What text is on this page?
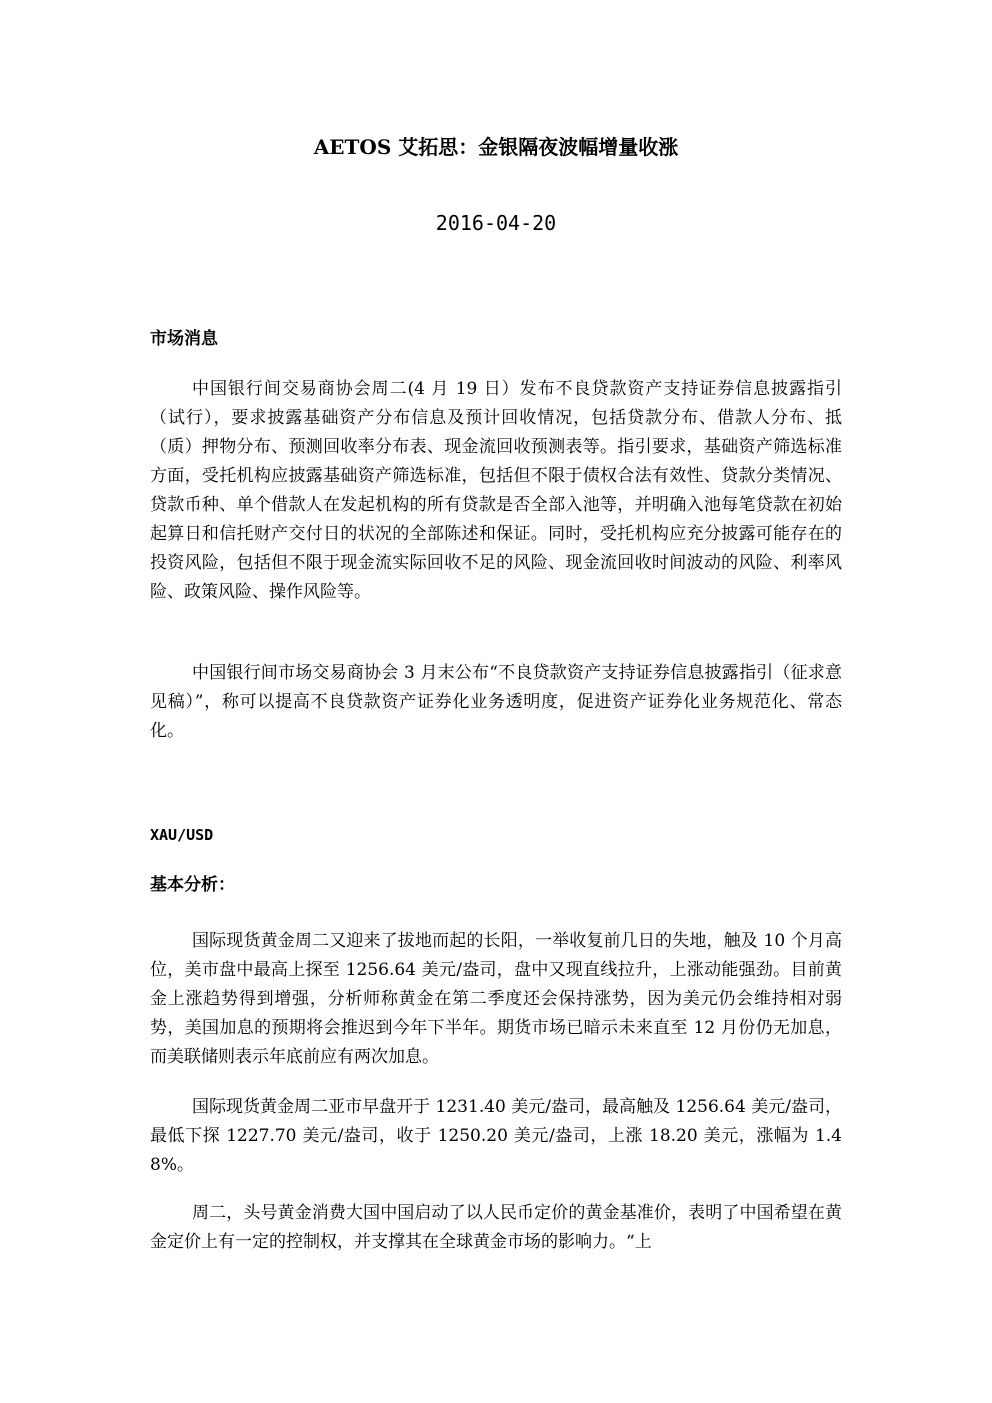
AETOS 艾拓思：金银隔夜波幅增量收涨
2016-04-20
市场消息

中国银行间交易商协会周二(4 月 19 日）发布不良贷款资产支持证券信息披露指引（试行），要求披露基础资产分布信息及预计回收情况，包括贷款分布、借款人分布、抵（质）押物分布、预测回收率分布表、现金流回收预测表等。指引要求，基础资产筛选标准方面，受托机构应披露基础资产筛选标准，包括但不限于债权合法有效性、贷款分类情况、贷款币种、单个借款人在发起机构的所有贷款是否全部入池等，并明确入池每笔贷款在初始起算日和信托财产交付日的状况的全部陈述和保证。同时，受托机构应充分披露可能存在的投资风险，包括但不限于现金流实际回收不足的风险、现金流回收时间波动的风险、利率风险、政策风险、操作风险等。

中国银行间市场交易商协会 3 月末公布“不良贷款资产支持证券信息披露指引（征求意见稿）”，称可以提高不良贷款资产证券化业务透明度，促进资产证券化业务规范化、常态化。

XAU/USD
基本分析：

国际现货黄金周二又迎来了拔地而起的长阳，一举收复前几日的失地，触及 10 个月高位，美市盘中最高上探至 1256.64 美元/盎司，盘中又现直线拉升，上涨动能强劲。目前黄金上涨趋势得到增强，分析师称黄金在第二季度还会保持涨势，因为美元仍会维持相对弱势，美国加息的预期将会推迟到今年下半年。期货市场已暗示未来直至 12 月份仍无加息，而美联储则表示年底前应有两次加息。

国际现货黄金周二亚市早盘开于 1231.40 美元/盎司，最高触及 1256.64 美元/盎司，最低下探 1227.70 美元/盎司，收于 1250.20 美元/盎司，上涨 18.20 美元，涨幅为 1.48%。

周二，头号黄金消费大国中国启动了以人民币定价的黄金基准价，表明了中国希望在黄金定价上有一定的控制权，并支撑其在全球黄金市场的影响力。“上
